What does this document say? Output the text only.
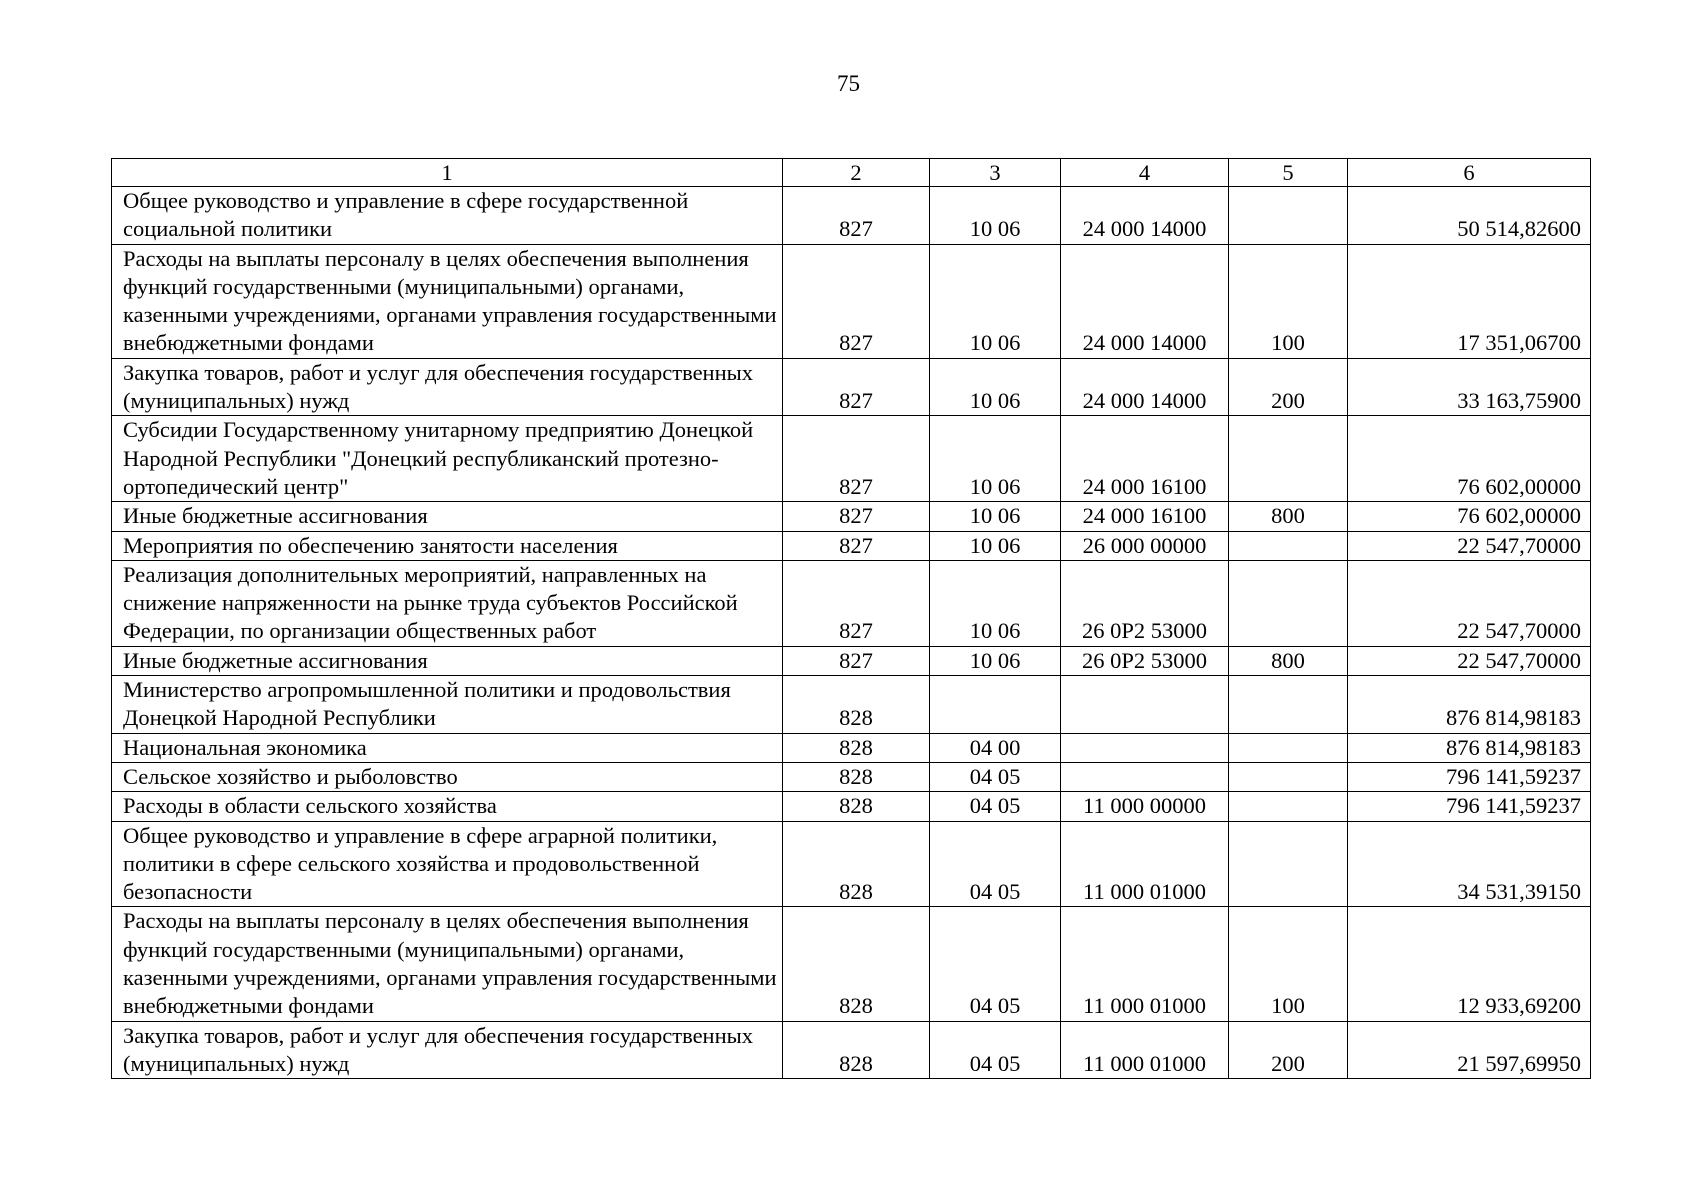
75
1	2	3	4	5	6
Общее руководство и управление в сфере государственной социальной политики	827	10 06	24 000 14000		50 514,82600
Расходы на выплаты персоналу в целях обеспечения выполнения функций государственными (муниципальными) органами, казенными учреждениями, органами управления государственными внебюджетными фондами	827	10 06	24 000 14000	100	17 351,06700
Закупка товаров, работ и услуг для обеспечения государственных (муниципальных) нужд	827	10 06	24 000 14000	200	33 163,75900
Субсидии Государственному унитарному предприятию Донецкой Народной Республики "Донецкий республиканский протезно-ортопедический центр"	827	10 06	24 000 16100		76 602,00000
Иные бюджетные ассигнования	827	10 06	24 000 16100	800	76 602,00000
Мероприятия по обеспечению занятости населения	827	10 06	26 000 00000		22 547,70000
Реализация дополнительных мероприятий, направленных на снижение напряженности на рынке труда субъектов Российской Федерации, по организации общественных работ	827	10 06	26 0Р2 53000		22 547,70000
Иные бюджетные ассигнования	827	10 06	26 0Р2 53000	800	22 547,70000
Министерство агропромышленной политики и продовольствия Донецкой Народной Республики	828				876 814,98183
Национальная экономика	828	04 00			876 814,98183
Сельское хозяйство и рыболовство	828	04 05			796 141,59237
Расходы в области сельского хозяйства	828	04 05	11 000 00000		796 141,59237
Общее руководство и управление в сфере аграрной политики, политики в сфере сельского хозяйства и продовольственной безопасности	828	04 05	11 000 01000		34 531,39150
Расходы на выплаты персоналу в целях обеспечения выполнения функций государственными (муниципальными) органами, казенными учреждениями, органами управления государственными внебюджетными фондами	828	04 05	11 000 01000	100	12 933,69200
Закупка товаров, работ и услуг для обеспечения государственных (муниципальных) нужд	828	04 05	11 000 01000	200	21 597,69950
